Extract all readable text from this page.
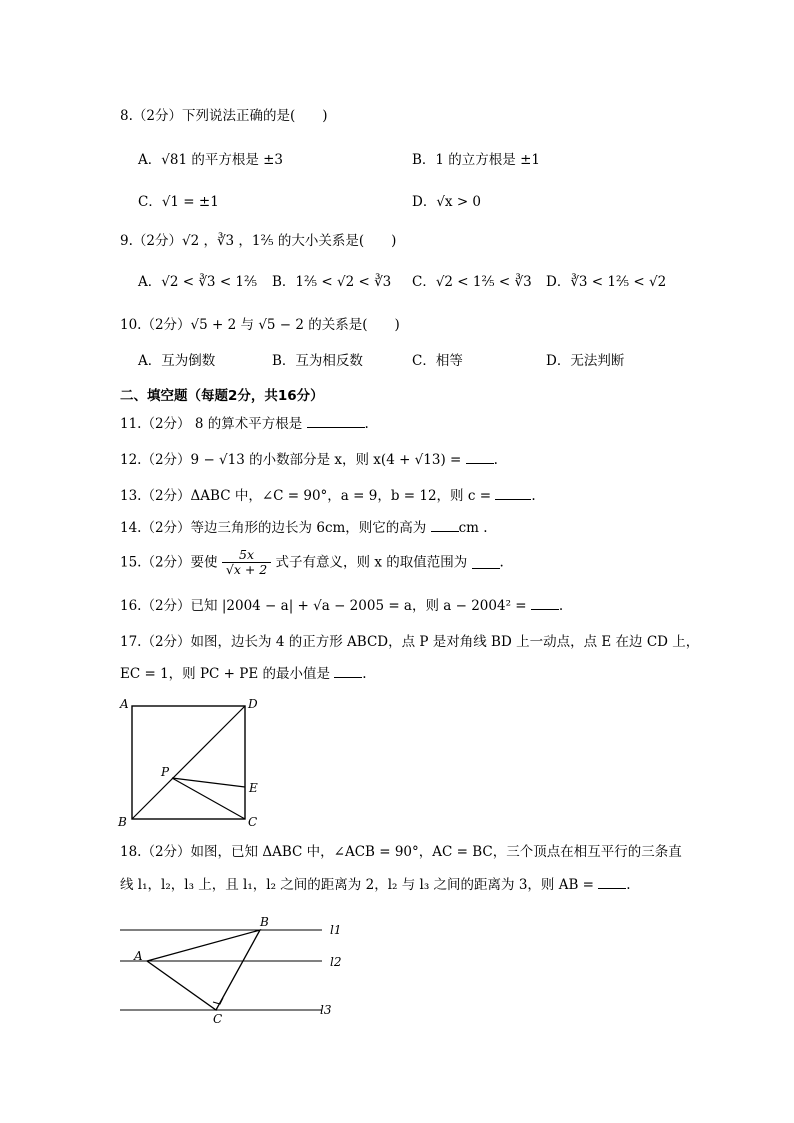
8.（2分）下列说法正确的是(　　)
A．√81 的平方根是 ±3	B．1 的立方根是 ±1
C．√1 = ±1	D．√x > 0
9.（2分）√2 ，∛3 ，1⅖ 的大小关系是(　　)
A．√2 < ∛3 < 1⅖ B．1⅖ < √2 < ∛3 C．√2 < 1⅖ < ∛3 D．∛3 < 1⅖ < √2
10.（2分）√5 + 2 与 √5 − 2 的关系是(　　)
A．互为倒数	B．互为相反数	C．相等	D．无法判断
二、填空题（每题2分，共16分）
11.（2分） 8 的算术平方根是	.
12.（2分）9 − √13 的小数部分是 x，则 x(4 + √13) = .
13.（2分）ΔABC 中，∠C = 90°，a = 9，b = 12，则 c =	.
14.（2分）等边三角形的边长为 6cm，则它的高为 cm .
15.（2分）要使 $\frac{5x}{√x + 2}$ 式子有意义，则 x 的取值范围为 .
16.（2分）已知 |2004 − a| + √a − 2005 = a，则 a − 2004² = .
17.（2分）如图，边长为 4 的正方形 ABCD，点 P 是对角线 BD 上一动点，点 E 在边 CD 上，
EC = 1，则 PC + PE 的最小值是 .
A	D
B	C
P
E
18.（2分）如图，已知 ΔABC 中，∠ACB = 90°，AC = BC，三个顶点在相互平行的三条直
线 l₁，l₂，l₃ 上，且 l₁，l₂ 之间的距离为 2，l₂ 与 l₃ 之间的距离为 3，则 AB = .
B
A
C
l1
l2
l3
